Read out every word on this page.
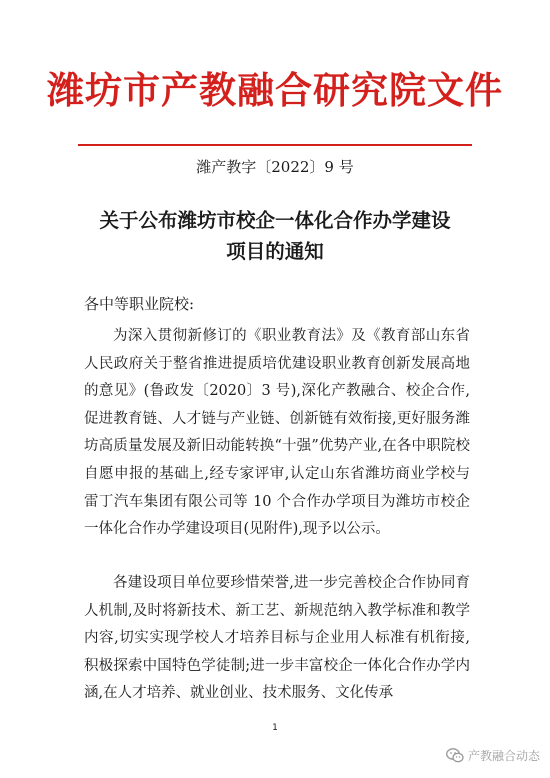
潍坊市产教融合研究院文件
潍产教字〔2022〕9 号
关于公布潍坊市校企一体化合作办学建设
项目的通知
各中等职业院校:

为深入贯彻新修订的《职业教育法》及《教育部山东省人民政府关于整省推进提质培优建设职业教育创新发展高地的意见》(鲁政发〔2020〕3 号),深化产教融合、校企合作,促进教育链、人才链与产业链、创新链有效衔接,更好服务潍坊高质量发展及新旧动能转换“十强”优势产业,在各中职院校自愿申报的基础上,经专家评审,认定山东省潍坊商业学校与雷丁汽车集团有限公司等 10 个合作办学项目为潍坊市校企一体化合作办学建设项目(见附件),现予以公示。

各建设项目单位要珍惜荣誉,进一步完善校企合作协同育人机制,及时将新技术、新工艺、新规范纳入教学标准和教学内容,切实实现学校人才培养目标与企业用人标准有机衔接,积极探索中国特色学徒制;进一步丰富校企一体化合作办学内涵,在人才培养、就业创业、技术服务、文化传承

1
产教融合动态
